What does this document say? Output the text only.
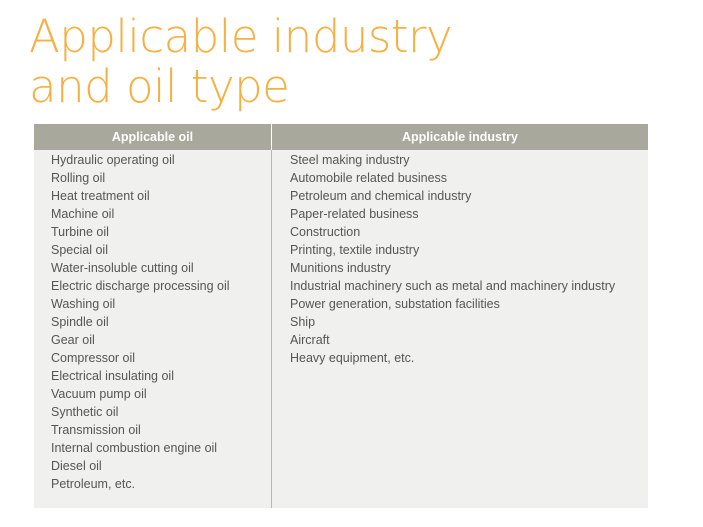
Applicable industry
and oil type
Applicable oil	Applicable industry
Hydraulic operating oil
Rolling oil
Heat treatment oil
Machine oil
Turbine oil
Special oil
Water-insoluble cutting oil
Electric discharge processing oil
Washing oil
Spindle oil
Gear oil
Compressor oil
Electrical insulating oil
Vacuum pump oil
Synthetic oil
Transmission oil
Internal combustion engine oil
Diesel oil
Petroleum, etc.
Steel making industry
Automobile related business
Petroleum and chemical industry
Paper-related business
Construction
Printing, textile industry
Munitions industry
Industrial machinery such as metal and machinery industry
Power generation, substation facilities
Ship
Aircraft
Heavy equipment, etc.
